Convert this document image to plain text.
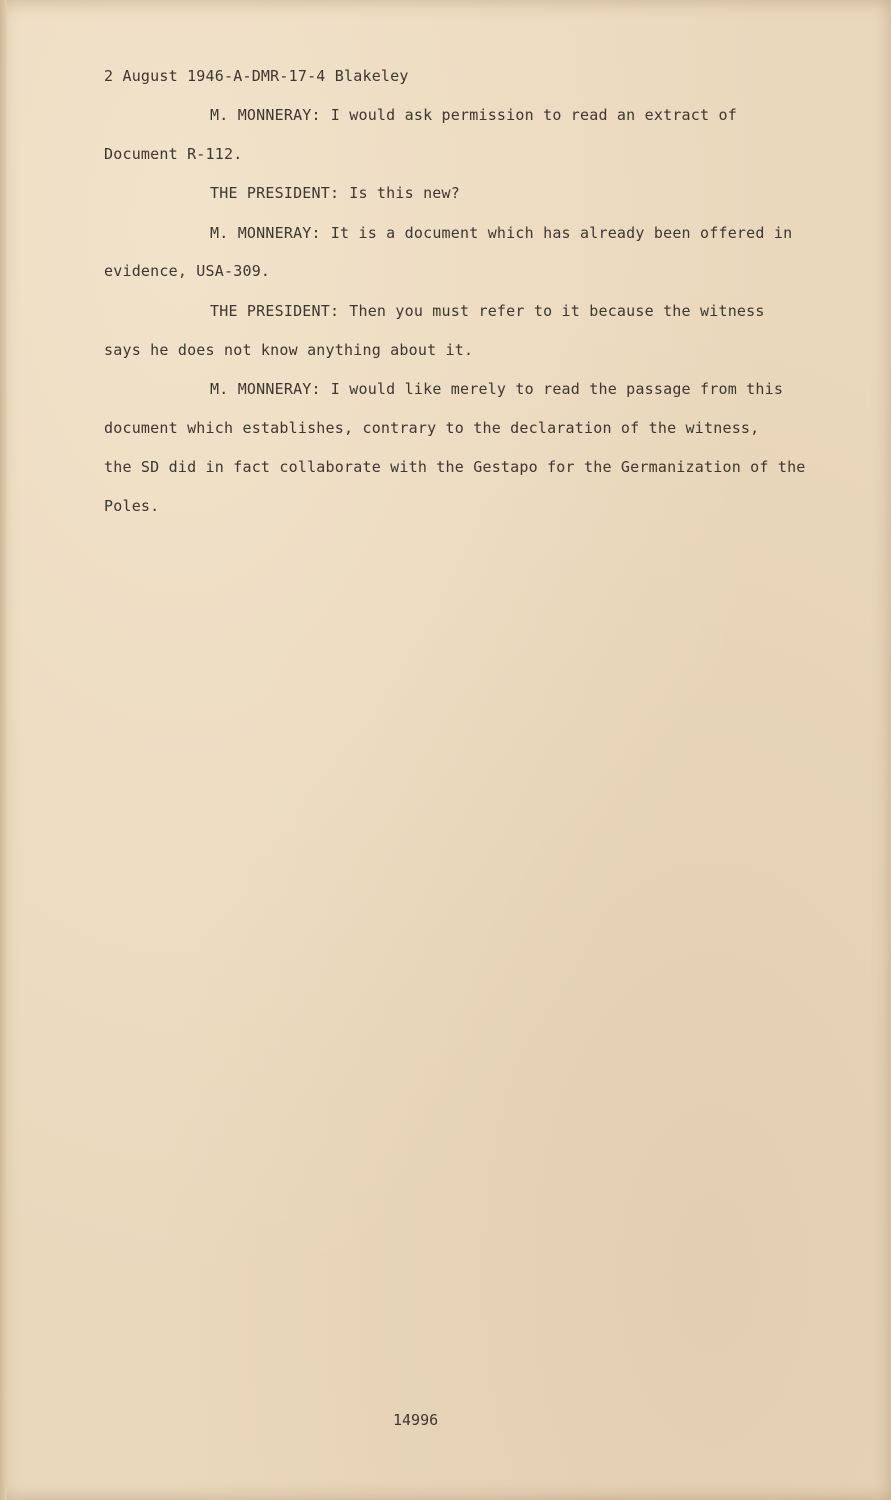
2 August 1946-A-DMR-17-4 Blakeley
M. MONNERAY: I would ask permission to read an extract of
Document R-112.
THE PRESIDENT: Is this new?
M. MONNERAY: It is a document which has already been offered in
evidence, USA-309.
THE PRESIDENT: Then you must refer to it because the witness
says he does not know anything about it.
M. MONNERAY: I would like merely to read the passage from this
document which establishes, contrary to the declaration of the witness,
the SD did in fact collaborate with the Gestapo for the Germanization of the
Poles.
14996
